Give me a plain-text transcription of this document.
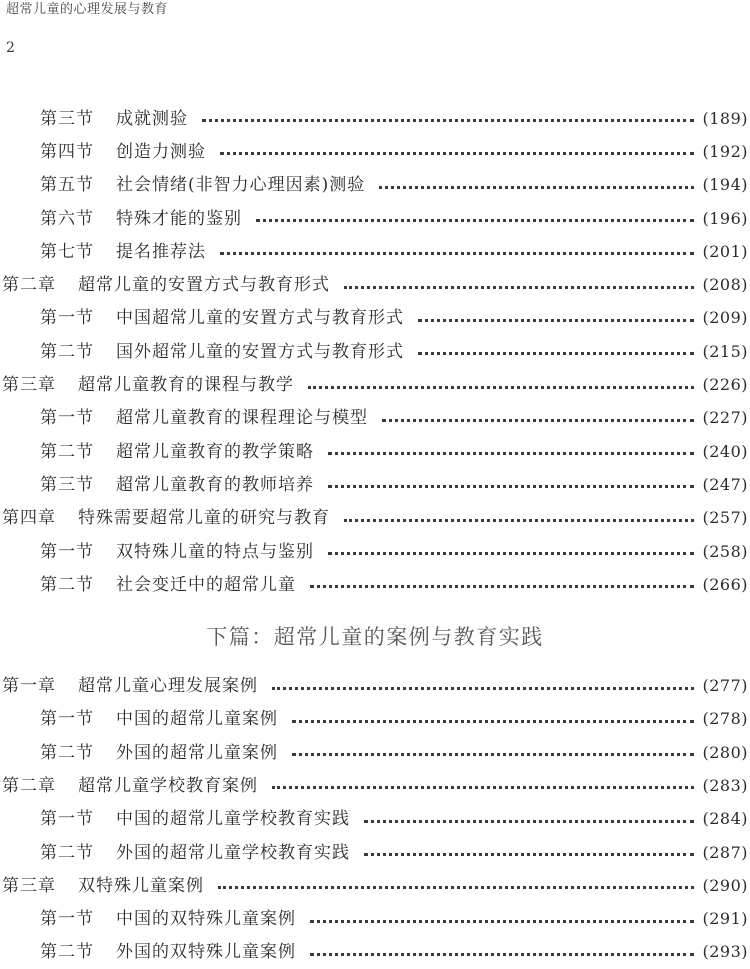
超常儿童的心理发展与教育
2
第三节 成就测验	(189)
第四节 创造力测验	(192)
第五节 社会情绪(非智力心理因素)测验	(194)
第六节 特殊才能的鉴别	(196)
第七节 提名推荐法	(201)
第二章 超常儿童的安置方式与教育形式	(208)
第一节 中国超常儿童的安置方式与教育形式	(209)
第二节 国外超常儿童的安置方式与教育形式	(215)
第三章 超常儿童教育的课程与教学	(226)
第一节 超常儿童教育的课程理论与模型	(227)
第二节 超常儿童教育的教学策略	(240)
第三节 超常儿童教育的教师培养	(247)
第四章 特殊需要超常儿童的研究与教育	(257)
第一节 双特殊儿童的特点与鉴别	(258)
第二节 社会变迁中的超常儿童	(266)
下篇：超常儿童的案例与教育实践
第一章 超常儿童心理发展案例	(277)
第一节 中国的超常儿童案例	(278)
第二节 外国的超常儿童案例	(280)
第二章 超常儿童学校教育案例	(283)
第一节 中国的超常儿童学校教育实践	(284)
第二节 外国的超常儿童学校教育实践	(287)
第三章 双特殊儿童案例	(290)
第一节 中国的双特殊儿童案例	(291)
第二节 外国的双特殊儿童案例	(293)
